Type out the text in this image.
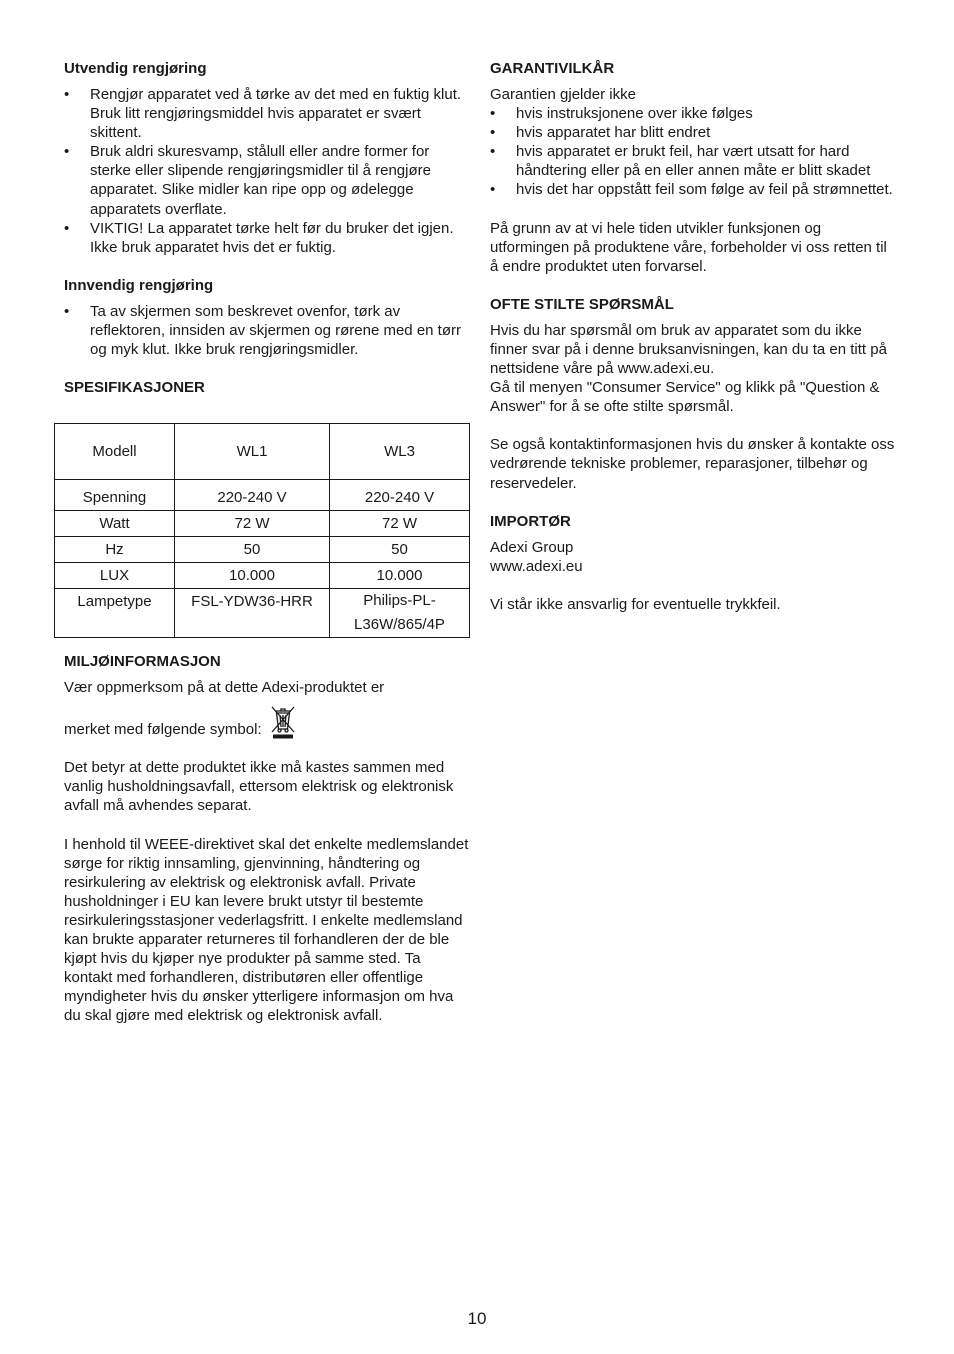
Utvendig rengjøring
• Rengjør apparatet ved å tørke av det med en fuktig klut. Bruk litt rengjøringsmiddel hvis apparatet er svært skittent.
• Bruk aldri skuresvamp, stålull eller andre former for sterke eller slipende rengjøringsmidler til å rengjøre apparatet. Slike midler kan ripe opp og ødelegge apparatets overflate.
• VIKTIG! La apparatet tørke helt før du bruker det igjen. Ikke bruk apparatet hvis det er fuktig.
Innvendig rengjøring
• Ta av skjermen som beskrevet ovenfor, tørk av reflektoren, innsiden av skjermen og rørene med en tørr og myk klut. Ikke bruk rengjøringsmidler.
SPESIFIKASJONER
Modell	WL1	WL3
Spenning	220-240 V	220-240 V
Watt	72 W	72 W
Hz	50	50
LUX	10.000	10.000
Lampetype	FSL-YDW36-HRR	Philips-PL-
L36W/865/4P
MILJØINFORMASJON

Vær oppmerksom på at dette Adexi-produktet er

merket med følgende symbol:

Det betyr at dette produktet ikke må kastes sammen med vanlig husholdningsavfall, ettersom elektrisk og elektronisk avfall må avhendes separat.

I henhold til WEEE-direktivet skal det enkelte medlemslandet sørge for riktig innsamling, gjenvinning, håndtering og resirkulering av elektrisk og elektronisk avfall. Private husholdninger i EU kan levere brukt utstyr til bestemte resirkuleringsstasjoner vederlagsfritt. I enkelte medlemsland kan brukte apparater returneres til forhandleren der de ble kjøpt hvis du kjøper nye produkter på samme sted. Ta kontakt med forhandleren, distributøren eller offentlige myndigheter hvis du ønsker ytterligere informasjon om hva du skal gjøre med elektrisk og elektronisk avfall.

GARANTIVILKÅR

Garantien gjelder ikke

• hvis instruksjonene over ikke følges
• hvis apparatet har blitt endret
• hvis apparatet er brukt feil, har vært utsatt for hard håndtering eller på en eller annen måte er blitt skadet
• hvis det har oppstått feil som følge av feil på strømnettet.

På grunn av at vi hele tiden utvikler funksjonen og utformingen på produktene våre, forbeholder vi oss retten til å endre produktet uten forvarsel.

OFTE STILTE SPØRSMÅL

Hvis du har spørsmål om bruk av apparatet som du ikke finner svar på i denne bruksanvisningen, kan du ta en titt på nettsidene våre på www.adexi.eu.

Gå til menyen "Consumer Service" og klikk på "Question & Answer" for å se ofte stilte spørsmål.

Se også kontaktinformasjonen hvis du ønsker å kontakte oss vedrørende tekniske problemer, reparasjoner, tilbehør og reservedeler.

IMPORTØR

Adexi Group

www.adexi.eu

Vi står ikke ansvarlig for eventuelle trykkfeil.

10
